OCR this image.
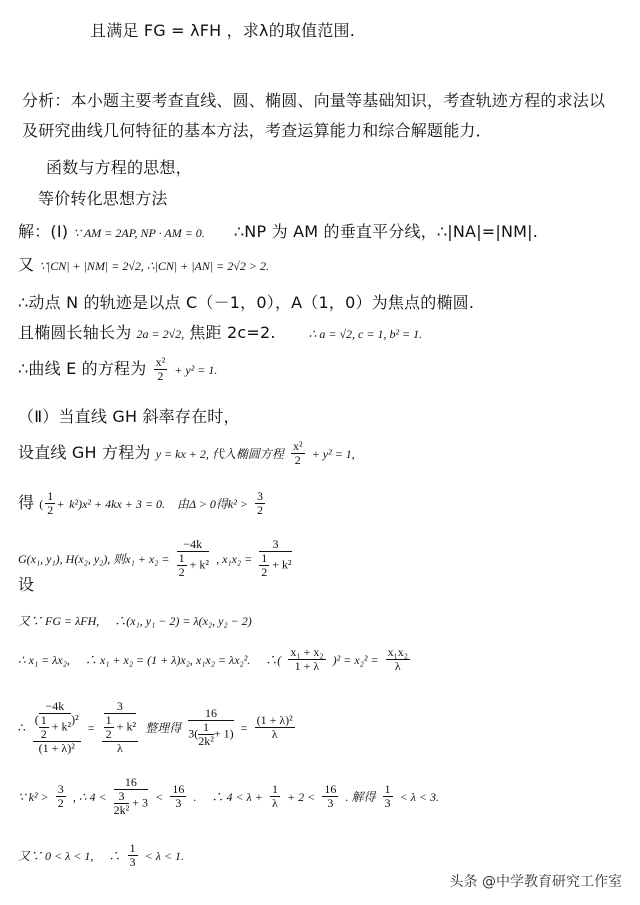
且满足 FG = λFH ，求λ的取值范围.
分析：本小题主要考查直线、圆、椭圆、向量等基础知识，考查轨迹方程的求法以
及研究曲线几何特征的基本方法，考查运算能力和综合解题能力．
函数与方程的思想，
等价转化思想方法
解：(Ⅰ) ∵ AM = 2AP, NP · AM = 0. ∴NP 为 AM 的垂直平分线，∴|NA|=|NM|.
又 ∵|CN| + |NM| = 2√2, ∴|CN| + |AN| = 2√2 > 2.
∴动点 N 的轨迹是以点 C（－1，0），A（1，0）为焦点的椭圆.
且椭圆长轴长为 2a = 2√2, 焦距 2c=2.	∴ a = √2, c = 1, b² = 1.
∴曲线 E 的方程为 $\frac{\text{x²}}{2} + y^2 = 1$.
（Ⅱ）当直线 GH 斜率存在时，
设直线 GH 方程为 y = kx + 2, 代入椭圆方程 $\frac{\text{x²}}{2} + y^2 = 1$,
得 ( $\frac{1}{2} + k^2)x^2 + 4kx + 3 = 0$.　由Δ > 0得$k^2 > \frac{3}{2}$
G(x₁, y₁), H(x₂, y₂), 则$x_1 + x_2 = \frac{-4k}{\frac{1}{2} + k^2}$ , $x_1x_2 = \frac{3}{\frac{1}{2} + k^2}$
设
又∵ FG = λFH,　 ∴(x₁, y₁ − 2) = λ(x₂, y₂ − 2)
∴ x₁ = λx₂,　 ∴ x₁ + x₂ = (1 + λ)x₂, x₁x₂ = λx₂².　 ∴( $\frac{\text{x₁ + x₂}}{1 + \lambda} )^2 = x_2^2 = \frac{\text{x₁x₂}}{\lambda}$
∴ $\frac{( \frac{-4k}{\frac{1}{2} + k^2} )^2}{\text{(1 + λ)²}} = \frac{\frac{3}{\frac{1}{2} + k^2}}{\lambda}$ 整理得 $\frac{16}{3( \frac{1}{\text{2k²}} + 1)} = \frac{\text{(1 + λ)²}}{\lambda}$
∵ $k^2 > \frac{3}{2}$ , ∴ $4 < \frac{16}{\frac{3}{\text{2k²}} + 3} < \frac{16}{3}$ .　 ∴ $4 < \lambda + \frac{1}{\lambda} + 2 < \frac{16}{3}$ . 解得 $\frac{1}{3} < \lambda < 3$.
又∵ 0 < λ < 1,　 ∴ $\frac{1}{3} < \lambda < 1$.
头条 @中学教育研究工作室
